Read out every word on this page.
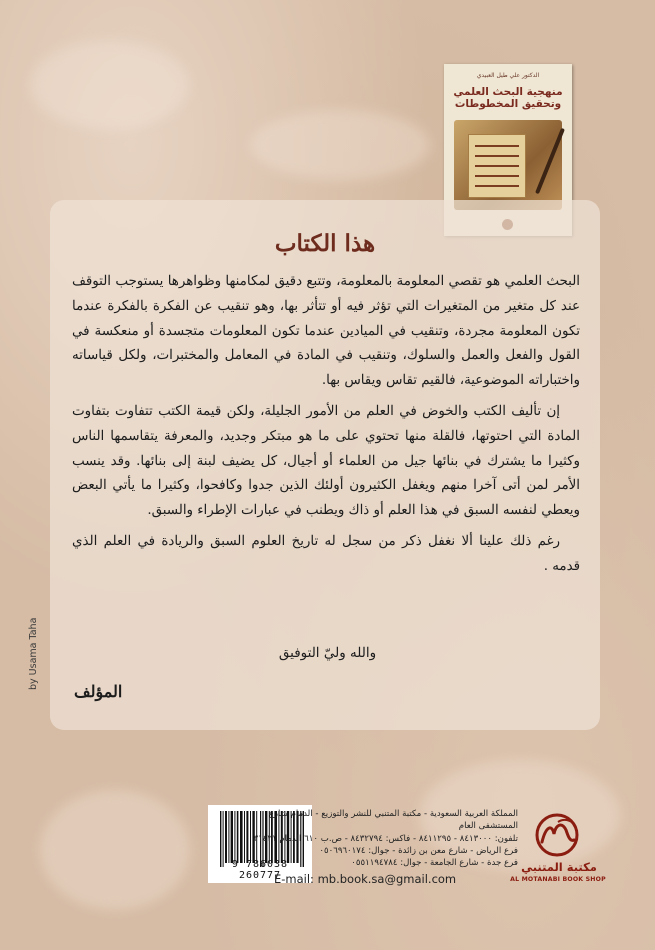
الدكتور علي طيل العبيدي
منهجية البحث العلمي
وتحقيق المخطوطات
هذا الكتاب

البحث العلمي هو تقصي المعلومة بالمعلومة، وتتبع دقيق لمكامنها وظواهرها يستوجب التوقف عند كل متغير من المتغيرات التي تؤثر فيه أو تتأثر بها، وهو تنقيب عن الفكرة بالفكرة عندما تكون المعلومة مجردة، وتنقيب في الميادين عندما تكون المعلومات متجسدة أو منعكسة في القول والفعل والعمل والسلوك، وتنقيب في المادة في المعامل والمختبرات، ولكل قياساته واختباراته الموضوعية، فالقيم تقاس ويقاس بها.

إن تأليف الكتب والخوض في العلم من الأمور الجليلة، ولكن قيمة الكتب تتفاوت بتفاوت المادة التي احتوتها، فالقلة منها تحتوي على ما هو مبتكر وجديد، والمعرفة يتقاسمها الناس وكثيرا ما يشترك في بنائها جيل من العلماء أو أجيال، كل يضيف لبنة إلى بنائها. وقد ينسب الأمر لمن أتى آخرا منهم ويغفل الكثيرون أولئك الذين جدوا وكافحوا، وكثيرا ما يأتي البعض ويعطي لنفسه السبق في هذا العلم أو ذاك ويطنب في عبارات الإطراء والسبق.

رغم ذلك علينا ألا نغفل ذكر من سجل له تاريخ العلوم السبق والريادة في العلم الذي قدمه .

والله وليّ التوفيق
المؤلف
by Usama Taha
9 786038 260777
المملكة العربية السعودية - مكتبة المتنبي للنشر والتوزيع - الدمام شارع المستشفى العام
تلفون: ٨٤١٣٠٠٠ - ٨٤١١٢٩٥ - فاكس: ٨٤٣٢٧٩٤ - ص.ب ٦١٠ الدمام ٣١٤٢١
فرع الرياض - شارع معن بن زائدة - جوال: ٠٥٠٦٩٦٠١٧٤
فرع جدة - شارع الجامعة - جوال: ٠٥٥١١٩٤٧٨٤
E-mail: mb.book.sa@gmail.com
مكتبة المتنبي
AL MOTANABI BOOK SHOP
